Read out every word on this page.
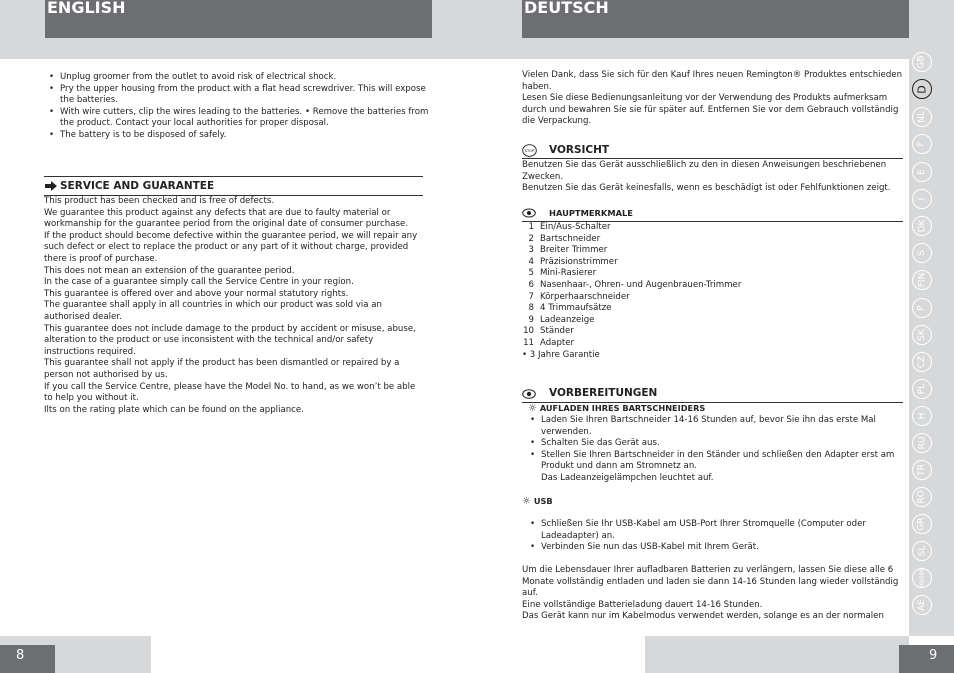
ENGLISH	DEUTSCH
• Unplug groomer from the outlet to avoid risk of electrical shock.
• Pry the upper housing from the product with a flat head screwdriver. This will expose the batteries.
• With wire cutters, clip the wires leading to the batteries. • Remove the batteries from the product. Contact your local authorities for proper disposal.
• The battery is to be disposed of safely.
SERVICE AND GUARANTEE

This product has been checked and is free of defects.

We guarantee this product against any defects that are due to faulty material or workmanship for the guarantee period from the original date of consumer purchase.

If the product should become defective within the guarantee period, we will repair any such defect or elect to replace the product or any part of it without charge, provided there is proof of purchase.

This does not mean an extension of the guarantee period.

In the case of a guarantee simply call the Service Centre in your region.

This guarantee is offered over and above your normal statutory rights.

The guarantee shall apply in all countries in which our product was sold via an authorised dealer.

This guarantee does not include damage to the product by accident or misuse, abuse, alteration to the product or use inconsistent with the technical and/or safety instructions required.

This guarantee shall not apply if the product has been dismantled or repaired by a person not authorised by us.

If you call the Service Centre, please have the Model No. to hand, as we won’t be able to help you without it.

Ilts on the rating plate which can be found on the appliance.

Vielen Dank, dass Sie sich für den Kauf Ihres neuen Remington® Produktes entschieden haben.

Lesen Sie diese Bedienungsanleitung vor der Verwendung des Produkts aufmerksam durch und bewahren Sie sie für später auf. Entfernen Sie vor dem Gebrauch vollständig die Verpackung.

STOP VORSICHT

Benutzen Sie das Gerät ausschließlich zu den in diesen Anweisungen beschriebenen Zwecken.

Benutzen Sie das Gerät keinesfalls, wenn es beschädigt ist oder Fehlfunktionen zeigt.

HAUPTMERKMALE
1 Ein/Aus-Schalter
2 Bartschneider
3 Breiter Trimmer
4 Präzisionstrimmer
5 Mini-Rasierer
6 Nasenhaar-, Ohren- und Augenbrauen-Trimmer
7 Körperhaarschneider
8 4 Trimmaufsätze
9 Ladeanzeige
10 Ständer
11 Adapter
• 3 Jahre Garantie
VORBEREITUNGEN
☼ AUFLADEN IHRES BARTSCHNEIDERS
• Laden Sie Ihren Bartschneider 14-16 Stunden auf, bevor Sie ihn das erste Mal verwenden.
• Schalten Sie das Gerät aus.
• Stellen Sie Ihren Bartschneider in den Ständer und schließen den Adapter erst am Produkt und dann am Stromnetz an.

Das Ladeanzeigelämpchen leuchtet auf.

☼ USB
• Schließen Sie Ihr USB-Kabel am USB-Port Ihrer Stromquelle (Computer oder Ladeadapter) an.
• Verbinden Sie nun das USB-Kabel mit Ihrem Gerät.

Um die Lebensdauer Ihrer aufladbaren Batterien zu verlängern, lassen Sie diese alle 6 Monate vollständig entladen und laden sie dann 14-16 Stunden lang wieder vollständig auf.

Eine vollständige Batterieladung dauert 14-16 Stunden.

Das Gerät kann nur im Kabelmodus verwendet werden, solange es an der normalen

GB
D
NL
F
E
I
DK
S
FIN
P
SK
CZ
PL
H
RU
TR
RO
GR
SL
HR/SRB
AE
8	9
